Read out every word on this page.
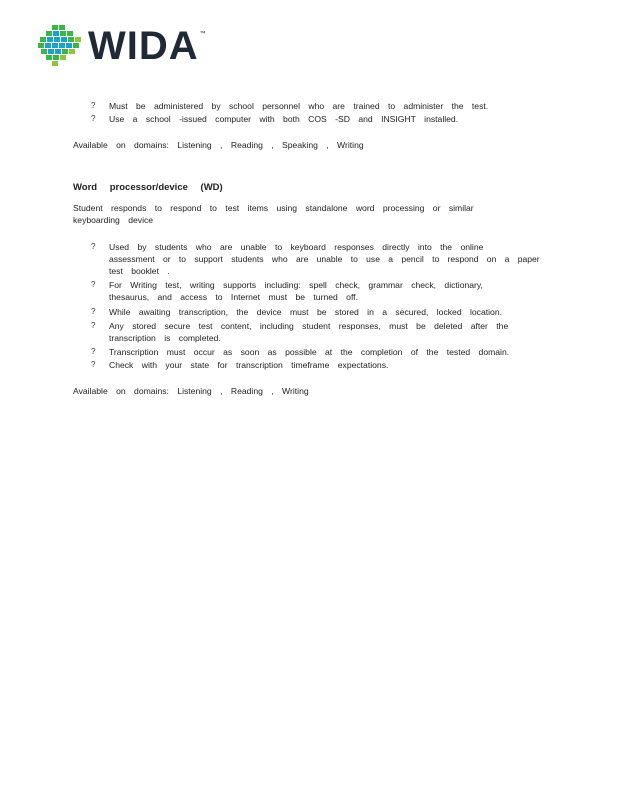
WIDA ™
? Must be administered by school personnel who are trained to administer the test.
? Use a school -issued computer with both COS -SD and INSIGHT installed.
Available on domains: Listening , Reading , Speaking , Writing
Word processor/device (WD)
Student responds to respond to test items using standalone word processing or similar
keyboarding device
? Used by students who are unable to keyboard responses directly into the online
assessment or to support students who are unable to use a pencil to respond on a paper
test booklet .
? For Writing test, writing supports including: spell check, grammar check, dictionary,
thesaurus, and access to Internet must be turned off.
? While awaiting transcription, the device must be stored in a secured, locked location.
? Any stored secure test content, including student responses, must be deleted after the
transcription is completed.
? Transcription must occur as soon as possible at the completion of the tested domain.
? Check with your state for transcription timeframe expectations.
Available on domains: Listening , Reading , Writing
